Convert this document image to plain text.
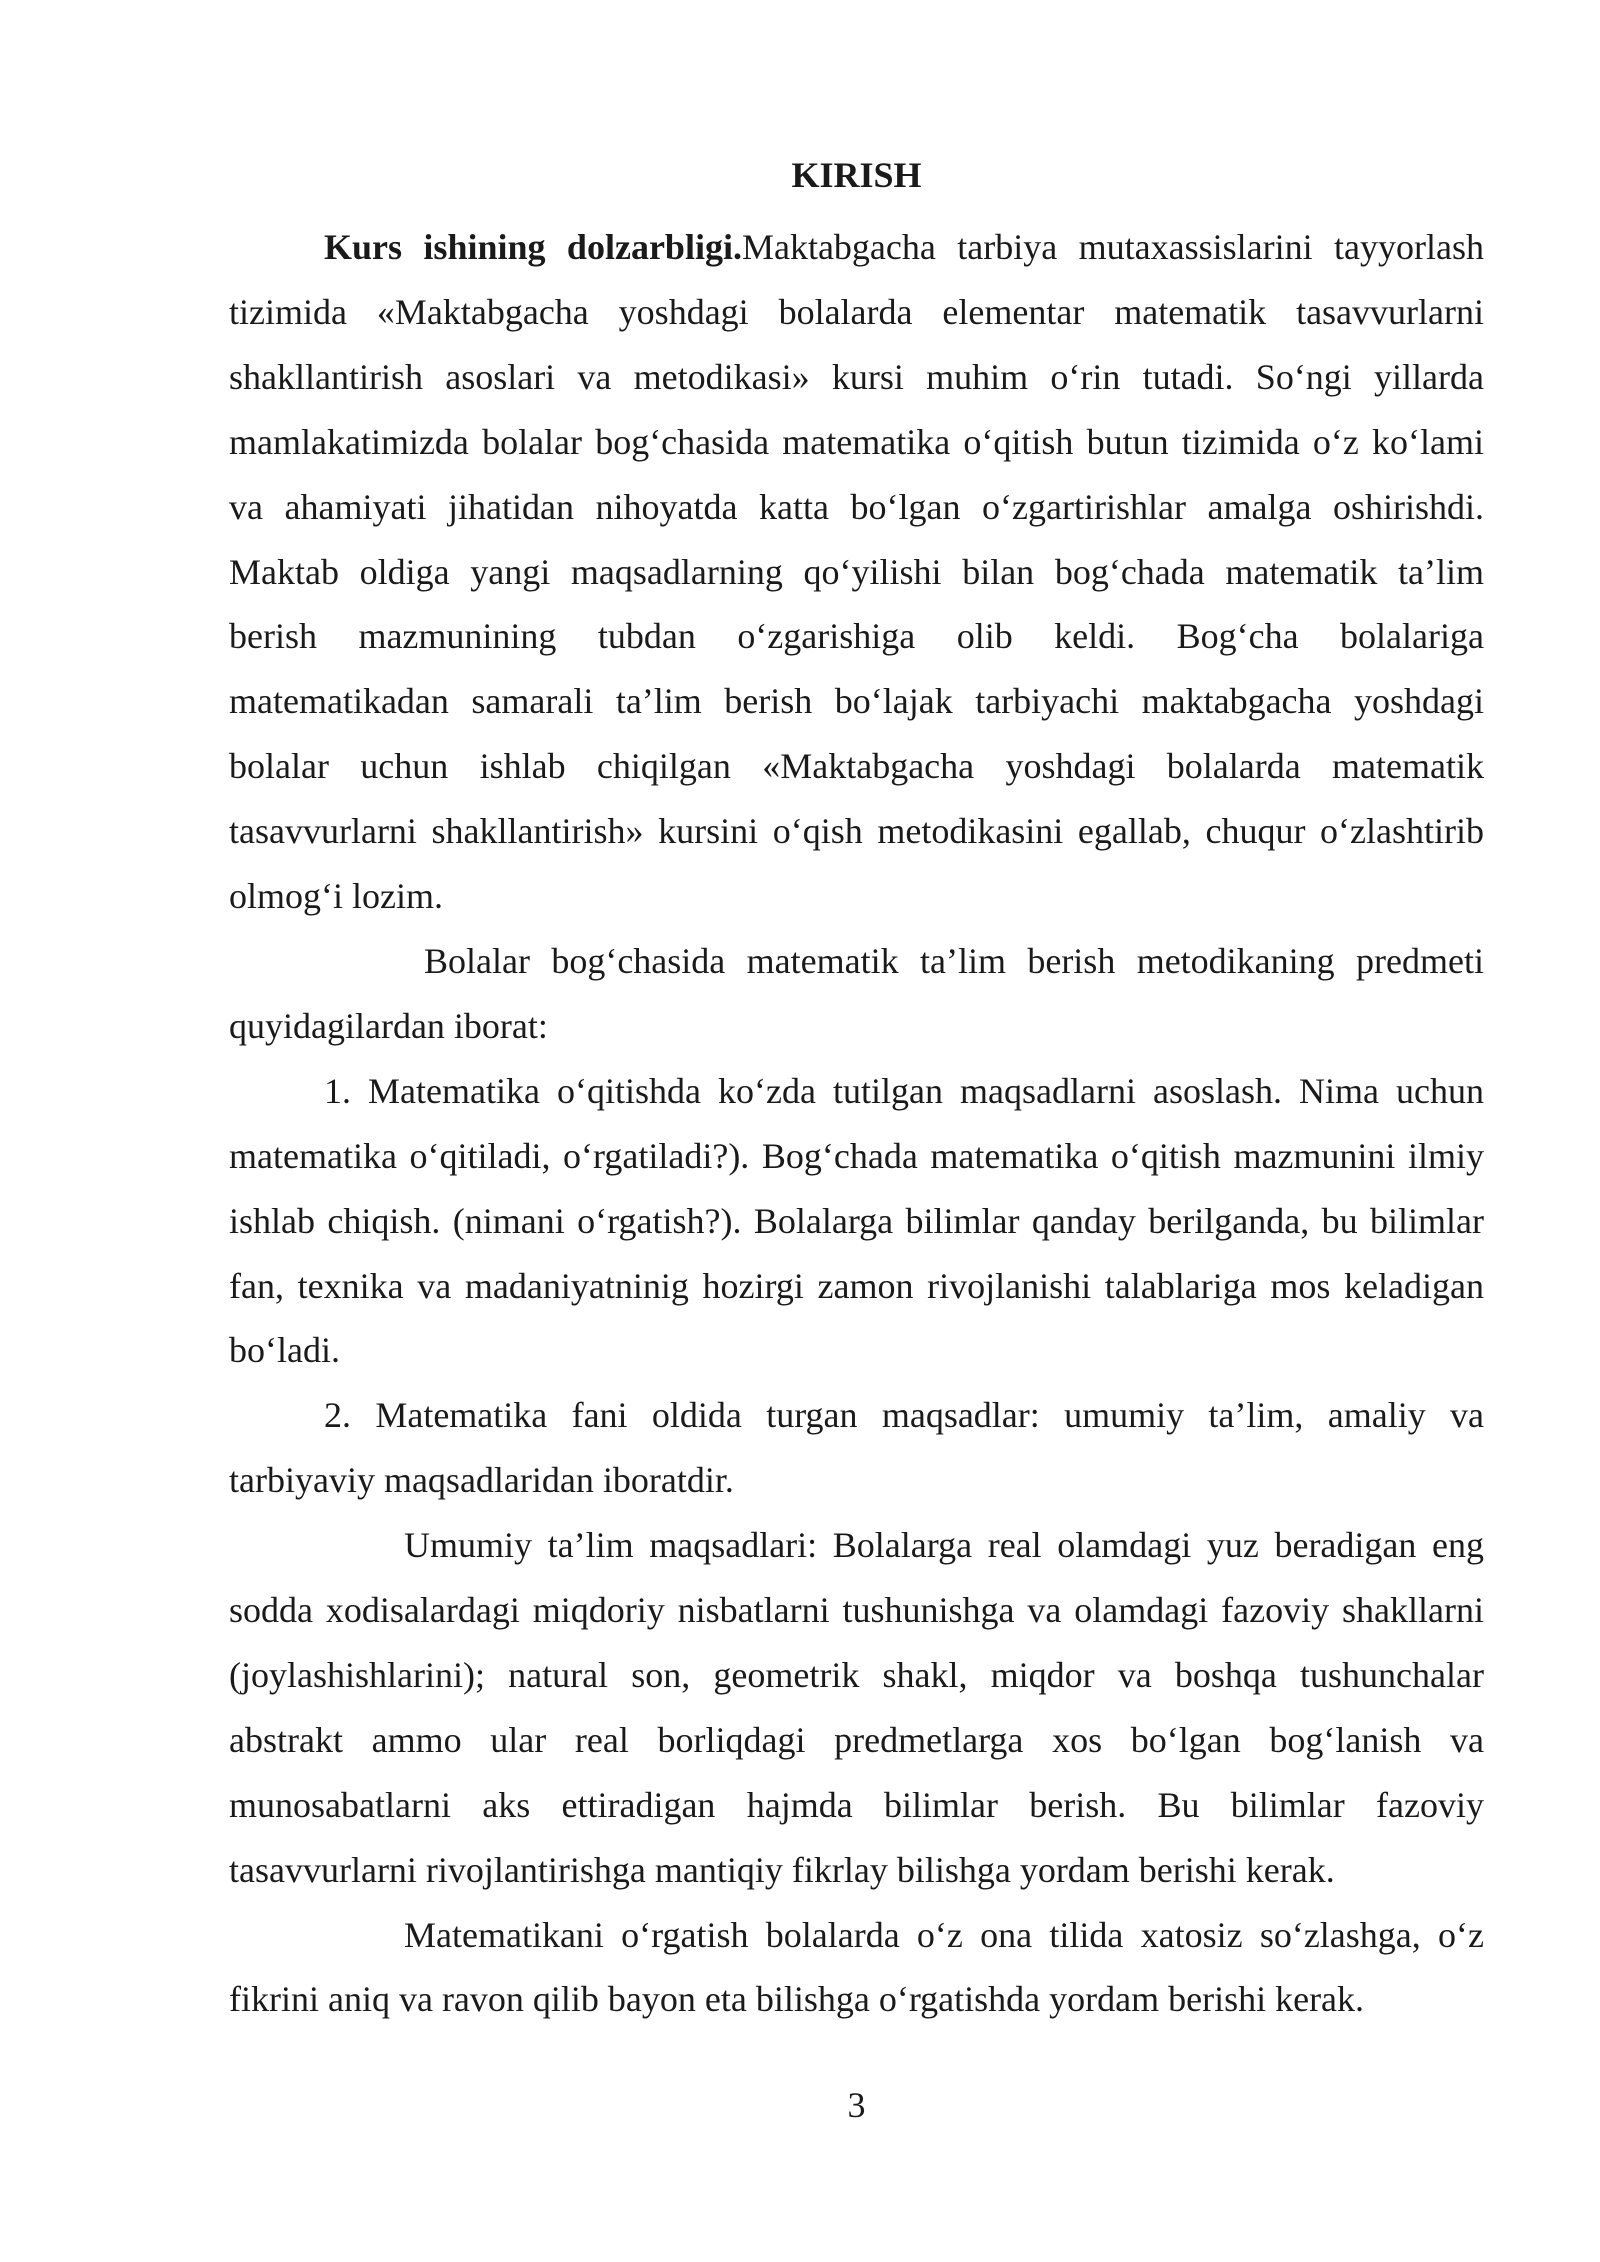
KIRISH

Kurs ishining dolzarbligi.Maktabgacha tarbiya mutaxassislarini tayyorlash tizimida «Maktabgacha yoshdagi bolalarda elementar matematik tasavvurlarni shakllantirish asoslari va metodikasi» kursi muhim o‘rin tutadi. So‘ngi yillarda mamlakatimizda bolalar bog‘chasida matematika o‘qitish butun tizimida o‘z ko‘lami va ahamiyati jihatidan nihoyatda katta bo‘lgan o‘zgartirishlar amalga oshirishdi. Maktab oldiga yangi maqsadlarning qo‘yilishi bilan bog‘chada matematik ta’lim berish mazmunining tubdan o‘zgarishiga olib keldi. Bog‘cha bolalariga matematikadan samarali ta’lim berish bo‘lajak tarbiyachi maktabgacha yoshdagi bolalar uchun ishlab chiqilgan «Maktabgacha yoshdagi bolalarda matematik tasavvurlarni shakllantirish» kursini o‘qish metodikasini egallab, chuqur o‘zlashtirib olmog‘i lozim.

Bolalar bog‘chasida matematik ta’lim berish metodikaning predmeti quyidagilardan iborat:

1. Matematika o‘qitishda ko‘zda tutilgan maqsadlarni asoslash. Nima uchun matematika o‘qitiladi, o‘rgatiladi?). Bog‘chada matematika o‘qitish mazmunini ilmiy ishlab chiqish. (nimani o‘rgatish?). Bolalarga bilimlar qanday berilganda, bu bilimlar fan, texnika va madaniyatninig hozirgi zamon rivojlanishi talablariga mos keladigan bo‘ladi.

2. Matematika fani oldida turgan maqsadlar: umumiy ta’lim, amaliy va tarbiyaviy maqsadlaridan iboratdir.

Umumiy ta’lim maqsadlari: Bolalarga real olamdagi yuz beradigan eng sodda xodisalardagi miqdoriy nisbatlarni tushunishga va olamdagi fazoviy shakllarni (joylashishlarini); natural son, geometrik shakl, miqdor va boshqa tushunchalar abstrakt ammo ular real borliqdagi predmetlarga xos bo‘lgan bog‘lanish va munosabatlarni aks ettiradigan hajmda bilimlar berish. Bu bilimlar fazoviy tasavvurlarni rivojlantirishga mantiqiy fikrlay bilishga yordam berishi kerak.

Matematikani o‘rgatish bolalarda o‘z ona tilida xatosiz so‘zlashga, o‘z fikrini aniq va ravon qilib bayon eta bilishga o‘rgatishda yordam berishi kerak.

3
